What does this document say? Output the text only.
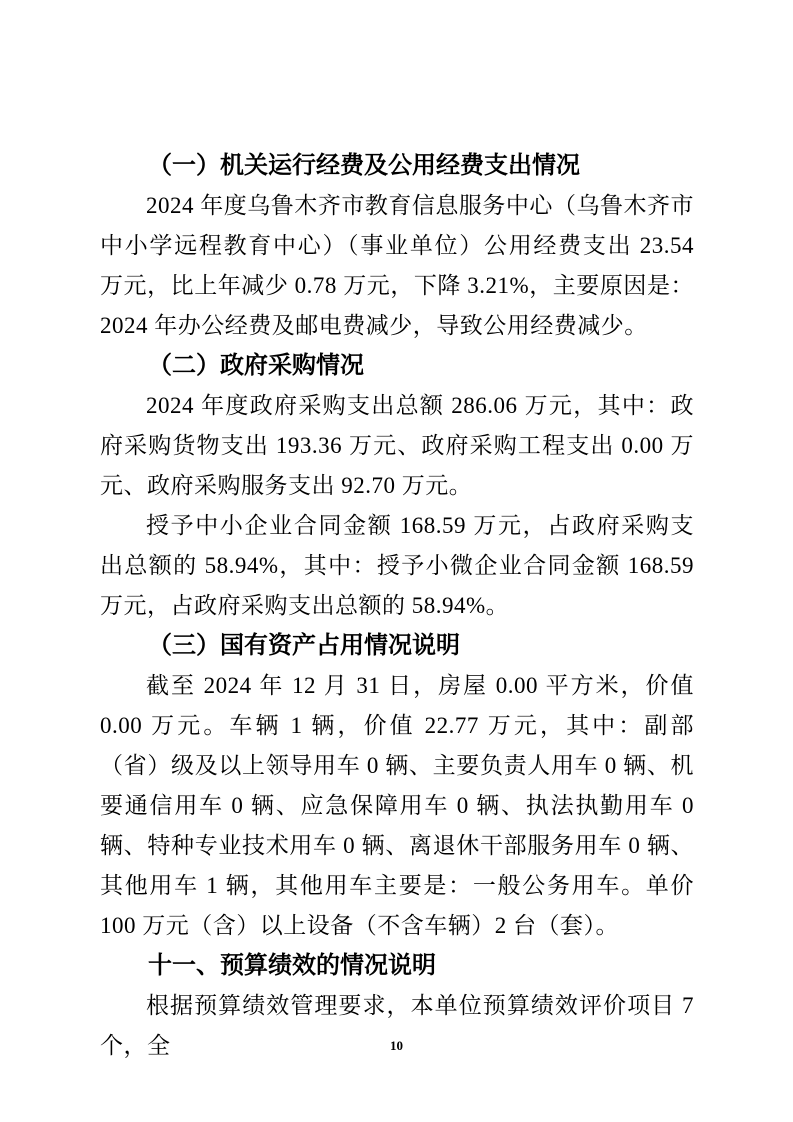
（一）机关运行经费及公用经费支出情况

2024 年度乌鲁木齐市教育信息服务中心（乌鲁木齐市中小学远程教育中心）（事业单位）公用经费支出 23.54 万元，比上年减少 0.78 万元，下降 3.21%，主要原因是：2024 年办公经费及邮电费减少，导致公用经费减少。

（二）政府采购情况

2024 年度政府采购支出总额 286.06 万元，其中：政府采购货物支出 193.36 万元、政府采购工程支出 0.00 万元、政府采购服务支出 92.70 万元。

授予中小企业合同金额 168.59 万元，占政府采购支出总额的 58.94%，其中：授予小微企业合同金额 168.59 万元，占政府采购支出总额的 58.94%。

（三）国有资产占用情况说明

截至 2024 年 12 月 31 日，房屋 0.00 平方米，价值 0.00 万元。车辆 1 辆，价值 22.77 万元，其中：副部（省）级及以上领导用车 0 辆、主要负责人用车 0 辆、机要通信用车 0 辆、应急保障用车 0 辆、执法执勤用车 0 辆、特种专业技术用车 0 辆、离退休干部服务用车 0 辆、其他用车 1 辆，其他用车主要是：一般公务用车。单价 100 万元（含）以上设备（不含车辆）2 台（套）。

十一、预算绩效的情况说明

根据预算绩效管理要求，本单位预算绩效评价项目 7 个，全	10
